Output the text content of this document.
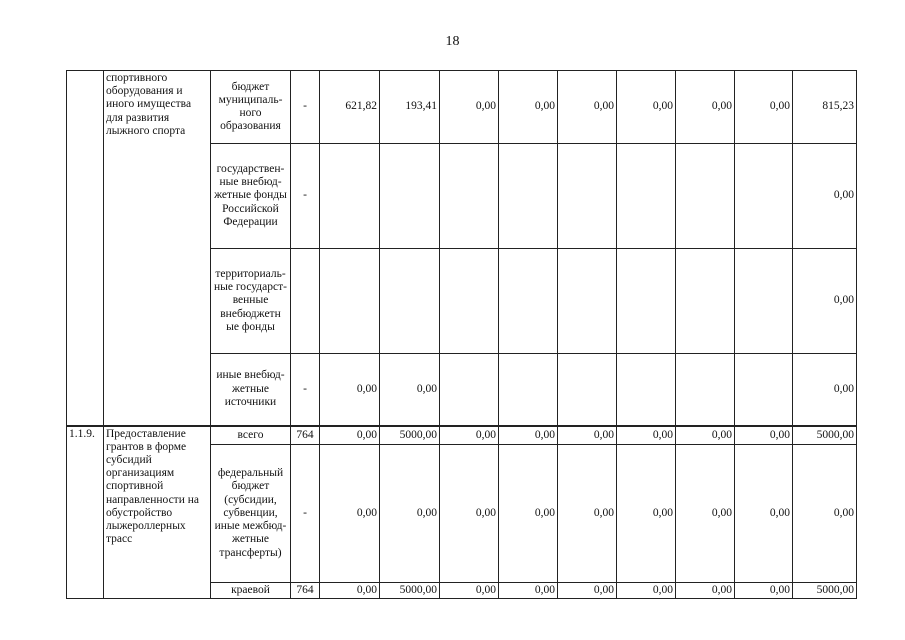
18
	спортивного оборудования и иного имущества для развития лыжного спорта	бюджет муниципаль-ного образования	-	621,82	193,41	0,00	0,00	0,00	0,00	0,00	0,00	815,23
		государствен-ные внебюд-жетные фонды Российской Федерации	-									0,00
		территориаль-ные государст-венные внебюджетн ые фонды										0,00
		иные внебюд-жетные источники	-	0,00	0,00							0,00
1.1.9.	Предоставление грантов в форме субсидий организациям спортивной направленности на обустройство лыжероллерных трасс	всего	764	0,00	5000,00	0,00	0,00	0,00	0,00	0,00	0,00	5000,00
		федеральный бюджет (субсидии, субвенции, иные межбюд-жетные трансферты)	-	0,00	0,00	0,00	0,00	0,00	0,00	0,00	0,00	0,00
		краевой	764	0,00	5000,00	0,00	0,00	0,00	0,00	0,00	0,00	5000,00
